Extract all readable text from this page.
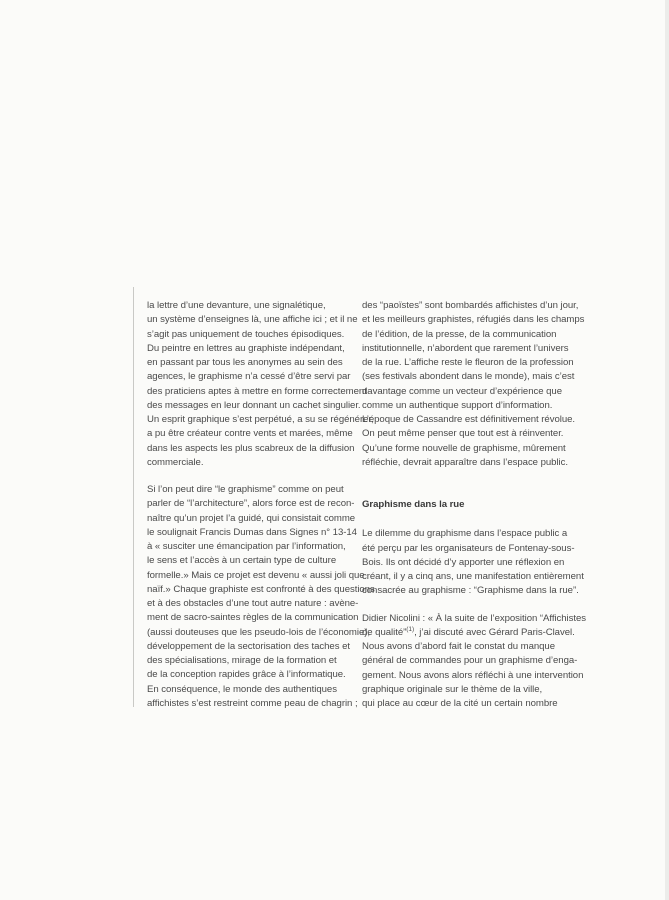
la lettre d’une devanture, une signalétique,
un système d’enseignes là, une affiche ici ; et il ne
s’agit pas uniquement de touches épisodiques.
Du peintre en lettres au graphiste indépendant,
en passant par tous les anonymes au sein des
agences, le graphisme n’a cessé d’être servi par
des praticiens aptes à mettre en forme correctement
des messages en leur donnant un cachet singulier.
Un esprit graphique s’est perpétué, a su se régénérer,
a pu être créateur contre vents et marées, même
dans les aspects les plus scabreux de la diffusion
commerciale.

Si l’on peut dire “le graphisme” comme on peut
parler de “l’architecture”, alors force est de recon-
naître qu’un projet l’a guidé, qui consistait comme
le soulignait Francis Dumas dans Signes n° 13-14
à « susciter une émancipation par l’information,
le sens et l’accès à un certain type de culture
formelle.» Mais ce projet est devenu « aussi joli que
naïf.» Chaque graphiste est confronté à des questions
et à des obstacles d’une tout autre nature : avène-
ment de sacro-saintes règles de la communication
(aussi douteuses que les pseudo-lois de l’économie),
développement de la sectorisation des taches et
des spécialisations, mirage de la formation et
de la conception rapides grâce à l’informatique.
En conséquence, le monde des authentiques
affichistes s’est restreint comme peau de chagrin ;

des “paoïstes” sont bombardés affichistes d’un jour,
et les meilleurs graphistes, réfugiés dans les champs
de l’édition, de la presse, de la communication
institutionnelle, n’abordent que rarement l’univers
de la rue. L’affiche reste le fleuron de la profession
(ses festivals abondent dans le monde), mais c’est
davantage comme un vecteur d’expérience que
comme un authentique support d’information.
L’époque de Cassandre est définitivement révolue.
On peut même penser que tout est à réinventer.
Qu’une forme nouvelle de graphisme, mûrement
réfléchie, devrait apparaître dans l’espace public.

Graphisme dans la rue

Le dilemme du graphisme dans l’espace public a
été perçu par les organisateurs de Fontenay-sous-
Bois. Ils ont décidé d’y apporter une réflexion en
créant, il y a cinq ans, une manifestation entièrement
consacrée au graphisme : “Graphisme dans la rue”.

Didier Nicolini : « À la suite de l’exposition “Affichistes
de qualité”$^{(1)}$, j’ai discuté avec Gérard Paris-Clavel.
Nous avons d’abord fait le constat du manque
général de commandes pour un graphisme d’enga-
gement. Nous avons alors réfléchi à une intervention
graphique originale sur le thème de la ville,
qui place au cœur de la cité un certain nombre
